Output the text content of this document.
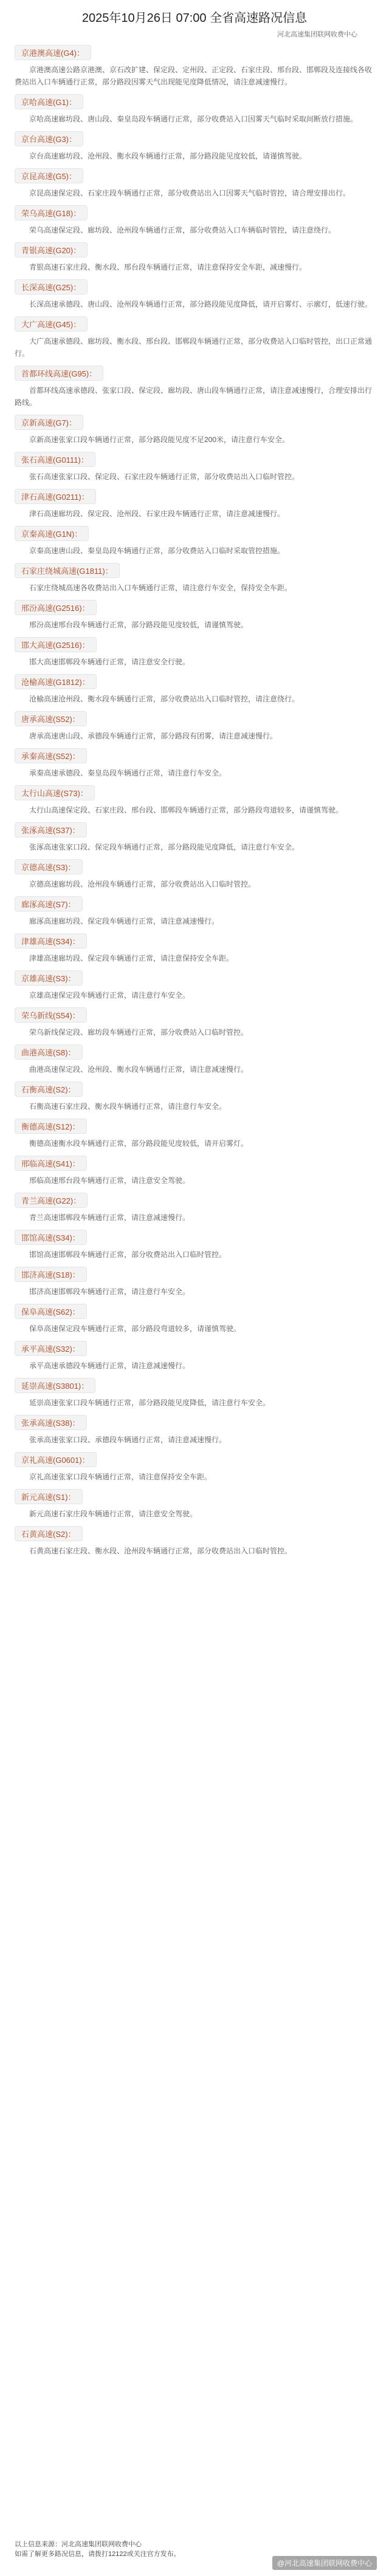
2025年10月26日 07:00 全省高速路况信息
河北高速集团联网收费中心
京港澳高速(G4)：
京港澳高速公路京港澳、京石改扩建、保定段、定州段、正定段、石家庄段、邢台段、邯郸段及连接线各收费站出入口车辆通行正常，部分路段因雾天气出现能见度降低情况，请注意减速慢行。
京哈高速(G1)：
京哈高速廊坊段、唐山段、秦皇岛段车辆通行正常，部分收费站入口因雾天气临时采取间断放行措施。
京台高速(G3)：
京台高速廊坊段、沧州段、衡水段车辆通行正常，部分路段能见度较低，请谨慎驾驶。
京昆高速(G5)：
京昆高速保定段、石家庄段车辆通行正常，部分收费站出入口因雾天气临时管控，请合理安排出行。
荣乌高速(G18)：
荣乌高速保定段、廊坊段、沧州段车辆通行正常，部分收费站入口车辆临时管控，请注意绕行。
青银高速(G20)：
青银高速石家庄段、衡水段、邢台段车辆通行正常，请注意保持安全车距，减速慢行。
长深高速(G25)：
长深高速承德段、唐山段、沧州段车辆通行正常，部分路段能见度降低，请开启雾灯、示廓灯，低速行驶。
大广高速(G45)：
大广高速承德段、廊坊段、衡水段、邢台段、邯郸段车辆通行正常，部分收费站入口临时管控，出口正常通行。
首都环线高速(G95)：
首都环线高速承德段、张家口段、保定段、廊坊段、唐山段车辆通行正常，请注意减速慢行，合理安排出行路线。
京新高速(G7)：
京新高速张家口段车辆通行正常，部分路段能见度不足200米，请注意行车安全。
张石高速(G0111)：
张石高速张家口段、保定段、石家庄段车辆通行正常，部分收费站出入口临时管控。
津石高速(G0211)：
津石高速廊坊段、保定段、沧州段、石家庄段车辆通行正常，请注意减速慢行。
京秦高速(G1N)：
京秦高速唐山段、秦皇岛段车辆通行正常，部分收费站入口临时采取管控措施。
石家庄绕城高速(G1811)：
石家庄绕城高速各收费站出入口车辆通行正常，请注意行车安全，保持安全车距。
邢汾高速(G2516)：
邢汾高速邢台段车辆通行正常，部分路段能见度较低，请谨慎驾驶。
邯大高速(G2516)：
邯大高速邯郸段车辆通行正常，请注意安全行驶。
沧榆高速(G1812)：
沧榆高速沧州段、衡水段车辆通行正常，部分收费站出入口临时管控，请注意绕行。
唐承高速(S52)：
唐承高速唐山段、承德段车辆通行正常，部分路段有团雾，请注意减速慢行。
承秦高速(S52)：
承秦高速承德段、秦皇岛段车辆通行正常，请注意行车安全。
太行山高速(S73)：
太行山高速保定段、石家庄段、邢台段、邯郸段车辆通行正常，部分路段弯道较多，请谨慎驾驶。
张涿高速(S37)：
张涿高速张家口段、保定段车辆通行正常，部分路段能见度降低，请注意行车安全。
京德高速(S3)：
京德高速廊坊段、沧州段车辆通行正常，部分收费站出入口临时管控。
廊涿高速(S7)：
廊涿高速廊坊段、保定段车辆通行正常，请注意减速慢行。
津雄高速(S34)：
津雄高速廊坊段、保定段车辆通行正常，请注意保持安全车距。
京雄高速(S3)：
京雄高速保定段车辆通行正常，请注意行车安全。
荣乌新线(S54)：
荣乌新线保定段、廊坊段车辆通行正常，部分收费站入口临时管控。
曲港高速(S8)：
曲港高速保定段、沧州段、衡水段车辆通行正常，请注意减速慢行。
石衡高速(S2)：
石衡高速石家庄段、衡水段车辆通行正常，请注意行车安全。
衡德高速(S12)：
衡德高速衡水段车辆通行正常，部分路段能见度较低，请开启雾灯。
邢临高速(S41)：
邢临高速邢台段车辆通行正常，请注意安全驾驶。
青兰高速(G22)：
青兰高速邯郸段车辆通行正常，请注意减速慢行。
邯馆高速(S34)：
邯馆高速邯郸段车辆通行正常，部分收费站出入口临时管控。
邯济高速(S18)：
邯济高速邯郸段车辆通行正常，请注意行车安全。
保阜高速(S62)：
保阜高速保定段车辆通行正常，部分路段弯道较多，请谨慎驾驶。
承平高速(S32)：
承平高速承德段车辆通行正常，请注意减速慢行。
延崇高速(S3801)：
延崇高速张家口段车辆通行正常，部分路段能见度降低，请注意行车安全。
张承高速(S38)：
张承高速张家口段、承德段车辆通行正常，请注意减速慢行。
京礼高速(G0601)：
京礼高速张家口段车辆通行正常，请注意保持安全车距。
新元高速(S1)：
新元高速石家庄段车辆通行正常，请注意安全驾驶。
石黄高速(S2)：
石黄高速石家庄段、衡水段、沧州段车辆通行正常，部分收费站出入口临时管控。
以上信息来源：河北高速集团联网收费中心
如需了解更多路况信息，请拨打12122或关注官方发布。
@河北高速集团联网收费中心
